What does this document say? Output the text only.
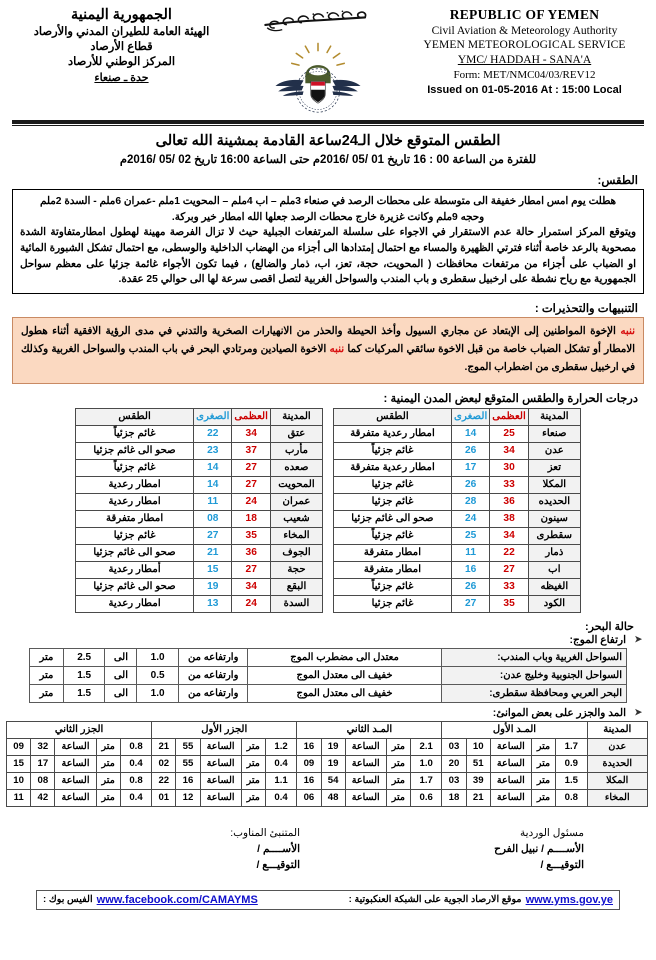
الجمهورية اليمنية
الهيئة العامة للطيران المدني والأرصاد
قطاع الأرصاد
المركز الوطني للأرصاد
حدة ـ صنعاء
REPUBLIC OF YEMEN
Civil Aviation & Meteorology Authority
YEMEN METEOROLOGICAL SERVICE
YMC/ HADDAH - SANA'A
Form: MET/NMC04/03/REV12
Issued on 01-05-2016 At : 15:00 Local
الطقس المتوقع خلال الـ24ساعة القادمة بمشينة الله تعالى
للفترة من الساعة 00 : 16 تاريخ 01 /05 /2016م حتى الساعة 16:00 تاريخ 02 /05 /2016م
الطقس:

هطلت يوم امس امطار خفيفة الى متوسطة على محطات الرصد في صنعاء 3ملم – اب 4ملم – المحويت 1ملم -عمران 6ملم - السدة 2ملم

وحجه 9ملم وكانت غزيرة خارج محطات الرصد جعلها الله امطار خير وبركة.

ويتوقع المركز استمرار حالة عدم الاستقرار في الاجواء على سلسلة المرتفعات الجبلية حيث لا تزال الفرصة مهينة لهطول امطارمتفاوتة الشدة مصحوبة بالرعد خاصة أثناء فترتي الظهيرة والمساء مع احتمال إمتدادها الى أجزاء من الهضاب الداخلية والوسطى، مع احتمال تشكل الشبورة المائية او الضباب على أجزاء من مرتفعات محافظات ( المحويت، حجة، تعز، اب، ذمار والضالع) ، فيما تكون الأجواء غائمة جزئيا على معظم سواحل الجمهورية مع رياح نشطة على ارخبيل سقطرى و باب المندب والسواحل الغربية لتصل اقصى سرعة لها الى حوالي 25 عقدة.

التنبيهات والتحذيرات :

ننبه الإخوة المواطنين إلى الإبتعاد عن مجاري السيول وأخذ الحيطة والحذر من الانهيارات الصخرية والتدني في مدى الرؤية الافقية أثناء هطول الامطار أو تشكل الضباب خاصة من قبل الاخوة سائقي المركبات كما ننبه الاخوة الصيادين ومرتادي البحر في باب المندب والسواحل الغربية وكذلك في ارخبيل سقطرى من اضطراب الموج.

درجات الحرارة والطقس المتوقع لبعض المدن اليمنية :
المدينة	العظمى	الصغرى	الطقس
صنعاء	25	14	امطار رعدية متفرقة
عدن	34	26	غائم جزئياً
تعز	30	17	امطار رعدية متفرقة
المكلا	33	26	غائم جزئيا
الحديده	36	28	غائم جزئيا
سينون	38	24	صحو الى غائم جزئيا
سقطرى	34	25	غائم جزئياً
ذمار	22	11	امطار متفرقة
اب	27	16	امطار متفرقة
الغيظه	33	26	غائم جزئياً
الكود	35	27	غائم جزئيا
المدينة	العظمى	الصغرى	الطقس
عتق	34	22	غائم جزئياً
مأرب	37	23	صحو الى غائم جزئيا
صعده	27	14	غائم جزئياً
المحويت	27	14	امطار رعدية
عمران	24	11	امطار رعدية
شعيب	18	08	امطار متفرقة
المخاء	35	27	غائم جزئيا
الجوف	36	21	صحو الى غائم جزئيا
حجة	27	15	أمطار رعدية
البقع	34	19	صحو الى غائم جزئيا
السدة	24	13	امطار رعدية
حالة البحر:
➤ ارتفاع الموج:
السواحل الغربية وباب المندب:	معتدل الى مضطرب الموج	وارتفاعه من	1.0	الى	2.5	متر
السواحل الجنوبية وخليج عدن:	خفيف الى معتدل الموج	وارتفاعه من	0.5	الى	1.5	متر
البحر العربي ومحافظة سقطرى:	خفيف الى معتدل الموج	وارتفاعه من	1.0	الى	1.5	متر
➤ المد والجزر على بعض الموانئ:
المدينة	المـد الأول					المـد الثاني					الجزر الأول					الجزر الثاني				
عدن	1.7	متر	الساعة	10	03	2.1	متر	الساعة	19	16	1.2	متر	الساعة	55	21	0.8	متر	الساعة	32	09
الحديدة	0.9	متر	الساعة	51	20	1.0	متر	الساعة	19	09	0.4	متر	الساعة	55	02	0.4	متر	الساعة	17	15
المكلا	1.5	متر	الساعة	39	03	1.7	متر	الساعة	54	16	1.1	متر	الساعة	16	22	0.8	متر	الساعة	08	10
المخاء	0.8	متر	الساعة	21	18	0.6	متر	الساعة	48	06	0.4	متر	الساعة	12	01	0.4	متر	الساعة	42	11
المتنبئ المناوب:
الأســــم /
التوقيـــع /
مسئول الوردية
الأســــم / نبيل الفرح
التوقيـــع /
موقع الارصاد الجوية على الشبكة العنكبوتية : www.yms.gov.ye
الفيس بوك : www.facebook.com/CAMAYMS
